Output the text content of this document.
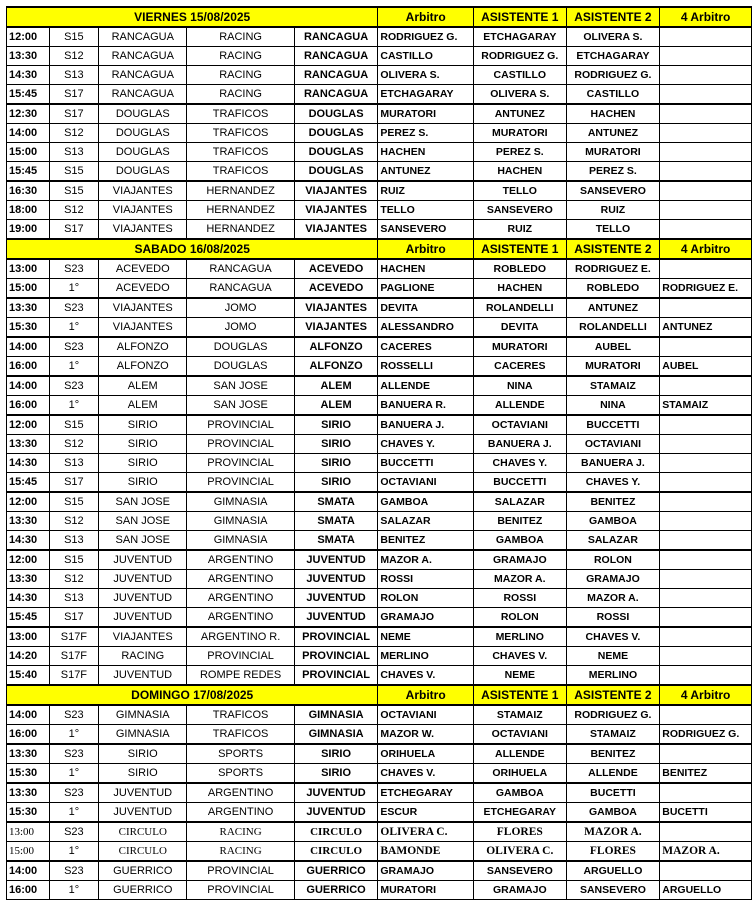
VIERNES 15/08/2025					Arbitro	ASISTENTE 1	ASISTENTE 2	4 Arbitro
12:00	S15	RANCAGUA	RACING	RANCAGUA	RODRIGUEZ G.	ETCHAGARAY	OLIVERA S.	
13:30	S12	RANCAGUA	RACING	RANCAGUA	CASTILLO	RODRIGUEZ G.	ETCHAGARAY	
14:30	S13	RANCAGUA	RACING	RANCAGUA	OLIVERA S.	CASTILLO	RODRIGUEZ G.	
15:45	S17	RANCAGUA	RACING	RANCAGUA	ETCHAGARAY	OLIVERA S.	CASTILLO	
12:30	S17	DOUGLAS	TRAFICOS	DOUGLAS	MURATORI	ANTUNEZ	HACHEN	
14:00	S12	DOUGLAS	TRAFICOS	DOUGLAS	PEREZ S.	MURATORI	ANTUNEZ	
15:00	S13	DOUGLAS	TRAFICOS	DOUGLAS	HACHEN	PEREZ S.	MURATORI	
15:45	S15	DOUGLAS	TRAFICOS	DOUGLAS	ANTUNEZ	HACHEN	PEREZ S.	
16:30	S15	VIAJANTES	HERNANDEZ	VIAJANTES	RUIZ	TELLO	SANSEVERO	
18:00	S12	VIAJANTES	HERNANDEZ	VIAJANTES	TELLO	SANSEVERO	RUIZ	
19:00	S17	VIAJANTES	HERNANDEZ	VIAJANTES	SANSEVERO	RUIZ	TELLO	
SABADO 16/08/2025					Arbitro	ASISTENTE 1	ASISTENTE 2	4 Arbitro
13:00	S23	ACEVEDO	RANCAGUA	ACEVEDO	HACHEN	ROBLEDO	RODRIGUEZ E.	
15:00	1°	ACEVEDO	RANCAGUA	ACEVEDO	PAGLIONE	HACHEN	ROBLEDO	RODRIGUEZ E.
13:30	S23	VIAJANTES	JOMO	VIAJANTES	DEVITA	ROLANDELLI	ANTUNEZ	
15:30	1°	VIAJANTES	JOMO	VIAJANTES	ALESSANDRO	DEVITA	ROLANDELLI	ANTUNEZ
14:00	S23	ALFONZO	DOUGLAS	ALFONZO	CACERES	MURATORI	AUBEL	
16:00	1°	ALFONZO	DOUGLAS	ALFONZO	ROSSELLI	CACERES	MURATORI	AUBEL
14:00	S23	ALEM	SAN JOSE	ALEM	ALLENDE	NINA	STAMAIZ	
16:00	1°	ALEM	SAN JOSE	ALEM	BANUERA R.	ALLENDE	NINA	STAMAIZ
12:00	S15	SIRIO	PROVINCIAL	SIRIO	BANUERA J.	OCTAVIANI	BUCCETTI	
13:30	S12	SIRIO	PROVINCIAL	SIRIO	CHAVES Y.	BANUERA J.	OCTAVIANI	
14:30	S13	SIRIO	PROVINCIAL	SIRIO	BUCCETTI	CHAVES Y.	BANUERA J.	
15:45	S17	SIRIO	PROVINCIAL	SIRIO	OCTAVIANI	BUCCETTI	CHAVES Y.	
12:00	S15	SAN JOSE	GIMNASIA	SMATA	GAMBOA	SALAZAR	BENITEZ	
13:30	S12	SAN JOSE	GIMNASIA	SMATA	SALAZAR	BENITEZ	GAMBOA	
14:30	S13	SAN JOSE	GIMNASIA	SMATA	BENITEZ	GAMBOA	SALAZAR	
12:00	S15	JUVENTUD	ARGENTINO	JUVENTUD	MAZOR A.	GRAMAJO	ROLON	
13:30	S12	JUVENTUD	ARGENTINO	JUVENTUD	ROSSI	MAZOR A.	GRAMAJO	
14:30	S13	JUVENTUD	ARGENTINO	JUVENTUD	ROLON	ROSSI	MAZOR A.	
15:45	S17	JUVENTUD	ARGENTINO	JUVENTUD	GRAMAJO	ROLON	ROSSI	
13:00	S17F	VIAJANTES	ARGENTINO R.	PROVINCIAL	NEME	MERLINO	CHAVES V.	
14:20	S17F	RACING	PROVINCIAL	PROVINCIAL	MERLINO	CHAVES V.	NEME	
15:40	S17F	JUVENTUD	ROMPE REDES	PROVINCIAL	CHAVES V.	NEME	MERLINO	
DOMINGO 17/08/2025					Arbitro	ASISTENTE 1	ASISTENTE 2	4 Arbitro
14:00	S23	GIMNASIA	TRAFICOS	GIMNASIA	OCTAVIANI	STAMAIZ	RODRIGUEZ G.	
16:00	1°	GIMNASIA	TRAFICOS	GIMNASIA	MAZOR W.	OCTAVIANI	STAMAIZ	RODRIGUEZ G.
13:30	S23	SIRIO	SPORTS	SIRIO	ORIHUELA	ALLENDE	BENITEZ	
15:30	1°	SIRIO	SPORTS	SIRIO	CHAVES V.	ORIHUELA	ALLENDE	BENITEZ
13:30	S23	JUVENTUD	ARGENTINO	JUVENTUD	ETCHEGARAY	GAMBOA	BUCETTI	
15:30	1°	JUVENTUD	ARGENTINO	JUVENTUD	ESCUR	ETCHEGARAY	GAMBOA	BUCETTI
13:00	S23	CIRCULO	RACING	CIRCULO	OLIVERA C.	FLORES	MAZOR A.	
15:00	1°	CIRCULO	RACING	CIRCULO	BAMONDE	OLIVERA C.	FLORES	MAZOR A.
14:00	S23	GUERRICO	PROVINCIAL	GUERRICO	GRAMAJO	SANSEVERO	ARGUELLO	
16:00	1°	GUERRICO	PROVINCIAL	GUERRICO	MURATORI	GRAMAJO	SANSEVERO	ARGUELLO
